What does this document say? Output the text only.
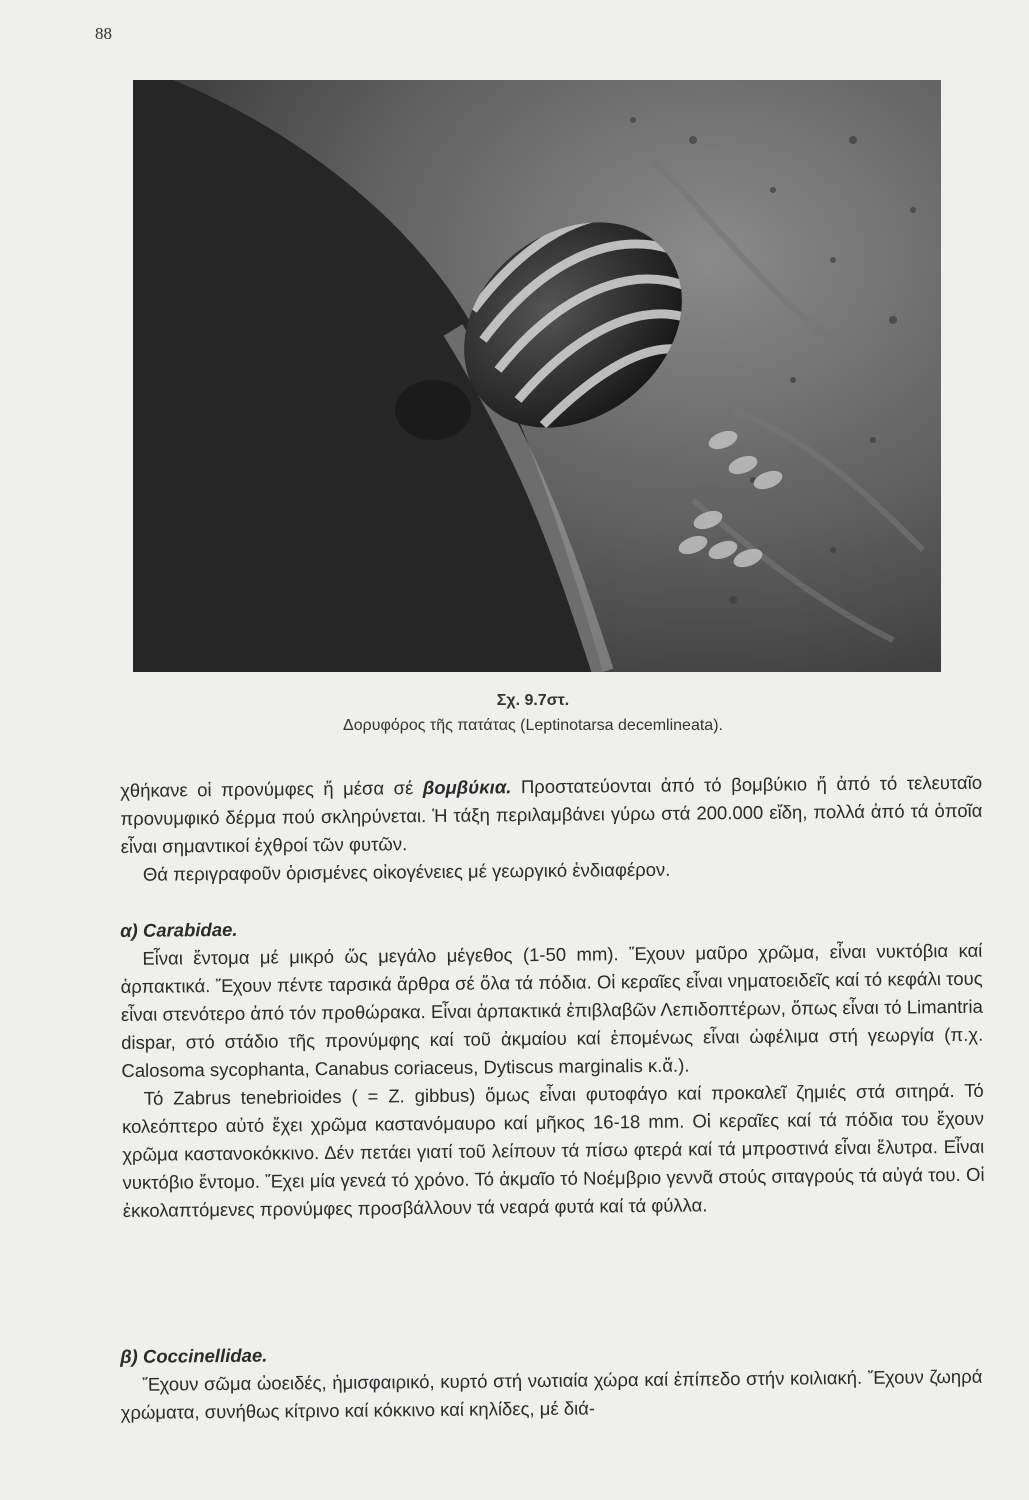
88
Σχ. 9.7στ.
Δορυφόρος τῆς πατάτας (Leptinotarsa decemlineata).

χθήκανε οἱ προνύμφες ἤ μέσα σέ βομβύκια. Προστατεύονται ἀπό τό βομβύκιο ἤ ἀπό τό τελευταῖο προνυμφικό δέρμα πού σκληρύνεται. Ἡ τάξη περιλαμβάνει γύρω στά 200.000 εἴδη, πολλά ἀπό τά ὁποῖα εἶναι σημαντικοί ἐχθροί τῶν φυτῶν.

Θά περιγραφοῦν ὁρισμένες οἰκογένειες μέ γεωργικό ἐνδιαφέρον.

α) Carabidae.

Εἶναι ἔντομα μέ μικρό ὥς μεγάλο μέγεθος (1-50 mm). Ἔχουν μαῦρο χρῶμα, εἶναι νυκτόβια καί ἁρπακτικά. Ἔχουν πέντε ταρσικά ἄρθρα σέ ὅλα τά πόδια. Οἱ κεραῖες εἶναι νηματοειδεῖς καί τό κεφάλι τους εἶναι στενότερο ἀπό τόν προθώρακα. Εἶναι ἁρπακτικά ἐπιβλαβῶν Λεπιδοπτέρων, ὅπως εἶναι τό Limantria dispar, στό στάδιο τῆς προνύμφης καί τοῦ ἀκμαίου καί ἑπομένως εἶναι ὠφέλιμα στή γεωργία (π.χ. Calosoma sycophanta, Canabus coriaceus, Dytiscus marginalis κ.ἄ.).

Τό Zabrus tenebrioides ( = Z. gibbus) ὅμως εἶναι φυτοφάγο καί προκαλεῖ ζημιές στά σιτηρά. Τό κολεόπτερο αὐτό ἔχει χρῶμα καστανόμαυρο καί μῆκος 16-18 mm. Οἱ κεραῖες καί τά πόδια του ἔχουν χρῶμα καστανοκόκκινο. Δέν πετάει γιατί τοῦ λείπουν τά πίσω φτερά καί τά μπροστινά εἶναι ἔλυτρα. Εἶναι νυκτόβιο ἔντομο. Ἔχει μία γενεά τό χρόνο. Τό ἀκμαῖο τό Νοέμβριο γεννᾶ στούς σιταγρούς τά αὐγά του. Οἱ ἐκκολαπτόμενες προνύμφες προσβάλλουν τά νεαρά φυτά καί τά φύλλα.

β) Coccinellidae.

Ἔχουν σῶμα ὠοειδές, ἡμισφαιρικό, κυρτό στή νωτιαία χώρα καί ἐπίπεδο στήν κοιλιακή. Ἔχουν ζωηρά χρώματα, συνήθως κίτρινο καί κόκκινο καί κηλίδες, μέ διά-
